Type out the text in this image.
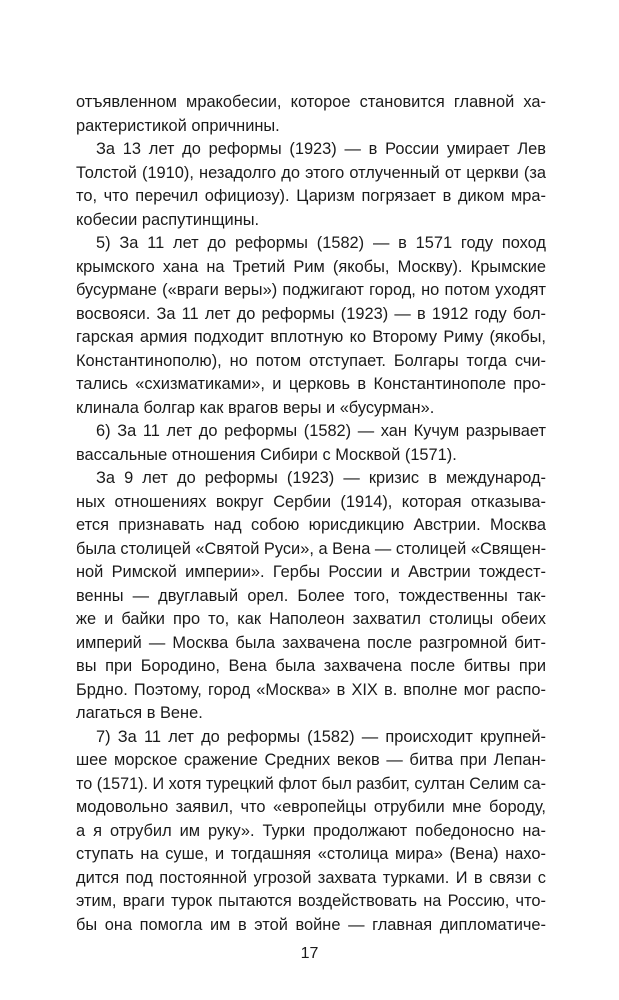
отъявленном мракобесии, которое становится главной ха-
рактеристикой опричнины.
За 13 лет до реформы (1923) — в России умирает Лев
Толстой (1910), незадолго до этого отлученный от церкви (за
то, что перечил официозу). Царизм погрязает в диком мра-
кобесии распутинщины.
5) За 11 лет до реформы (1582) — в 1571 году поход
крымского хана на Третий Рим (якобы, Москву). Крымские
бусурмане («враги веры») поджигают город, но потом уходят
восвояси. За 11 лет до реформы (1923) — в 1912 году бол-
гарская армия подходит вплотную ко Второму Риму (якобы,
Константинополю), но потом отступает. Болгары тогда счи-
тались «схизматиками», и церковь в Константинополе про-
клинала болгар как врагов веры и «бусурман».
6) За 11 лет до реформы (1582) — хан Кучум разрывает
вассальные отношения Сибири с Москвой (1571).
За 9 лет до реформы (1923) — кризис в международ-
ных отношениях вокруг Сербии (1914), которая отказыва-
ется признавать над собою юрисдикцию Австрии. Москва
была столицей «Святой Руси», а Вена — столицей «Священ-
ной Римской империи». Гербы России и Австрии тождест-
венны — двуглавый орел. Более того, тождественны так-
же и байки про то, как Наполеон захватил столицы обеих
империй — Москва была захвачена после разгромной бит-
вы при Бородино, Вена была захвачена после битвы при
Брдно. Поэтому, город «Москва» в XIX в. вполне мог распо-
лагаться в Вене.
7) За 11 лет до реформы (1582) — происходит крупней-
шее морское сражение Средних веков — битва при Лепан-
то (1571). И хотя турецкий флот был разбит, султан Селим са-
модовольно заявил, что «европейцы отрубили мне бороду,
а я отрубил им руку». Турки продолжают победоносно на-
ступать на суше, и тогдашняя «столица мира» (Вена) нахо-
дится под постоянной угрозой захвата турками. И в связи с
этим, враги турок пытаются воздействовать на Россию, что-
бы она помогла им в этой войне — главная дипломатиче-
17
